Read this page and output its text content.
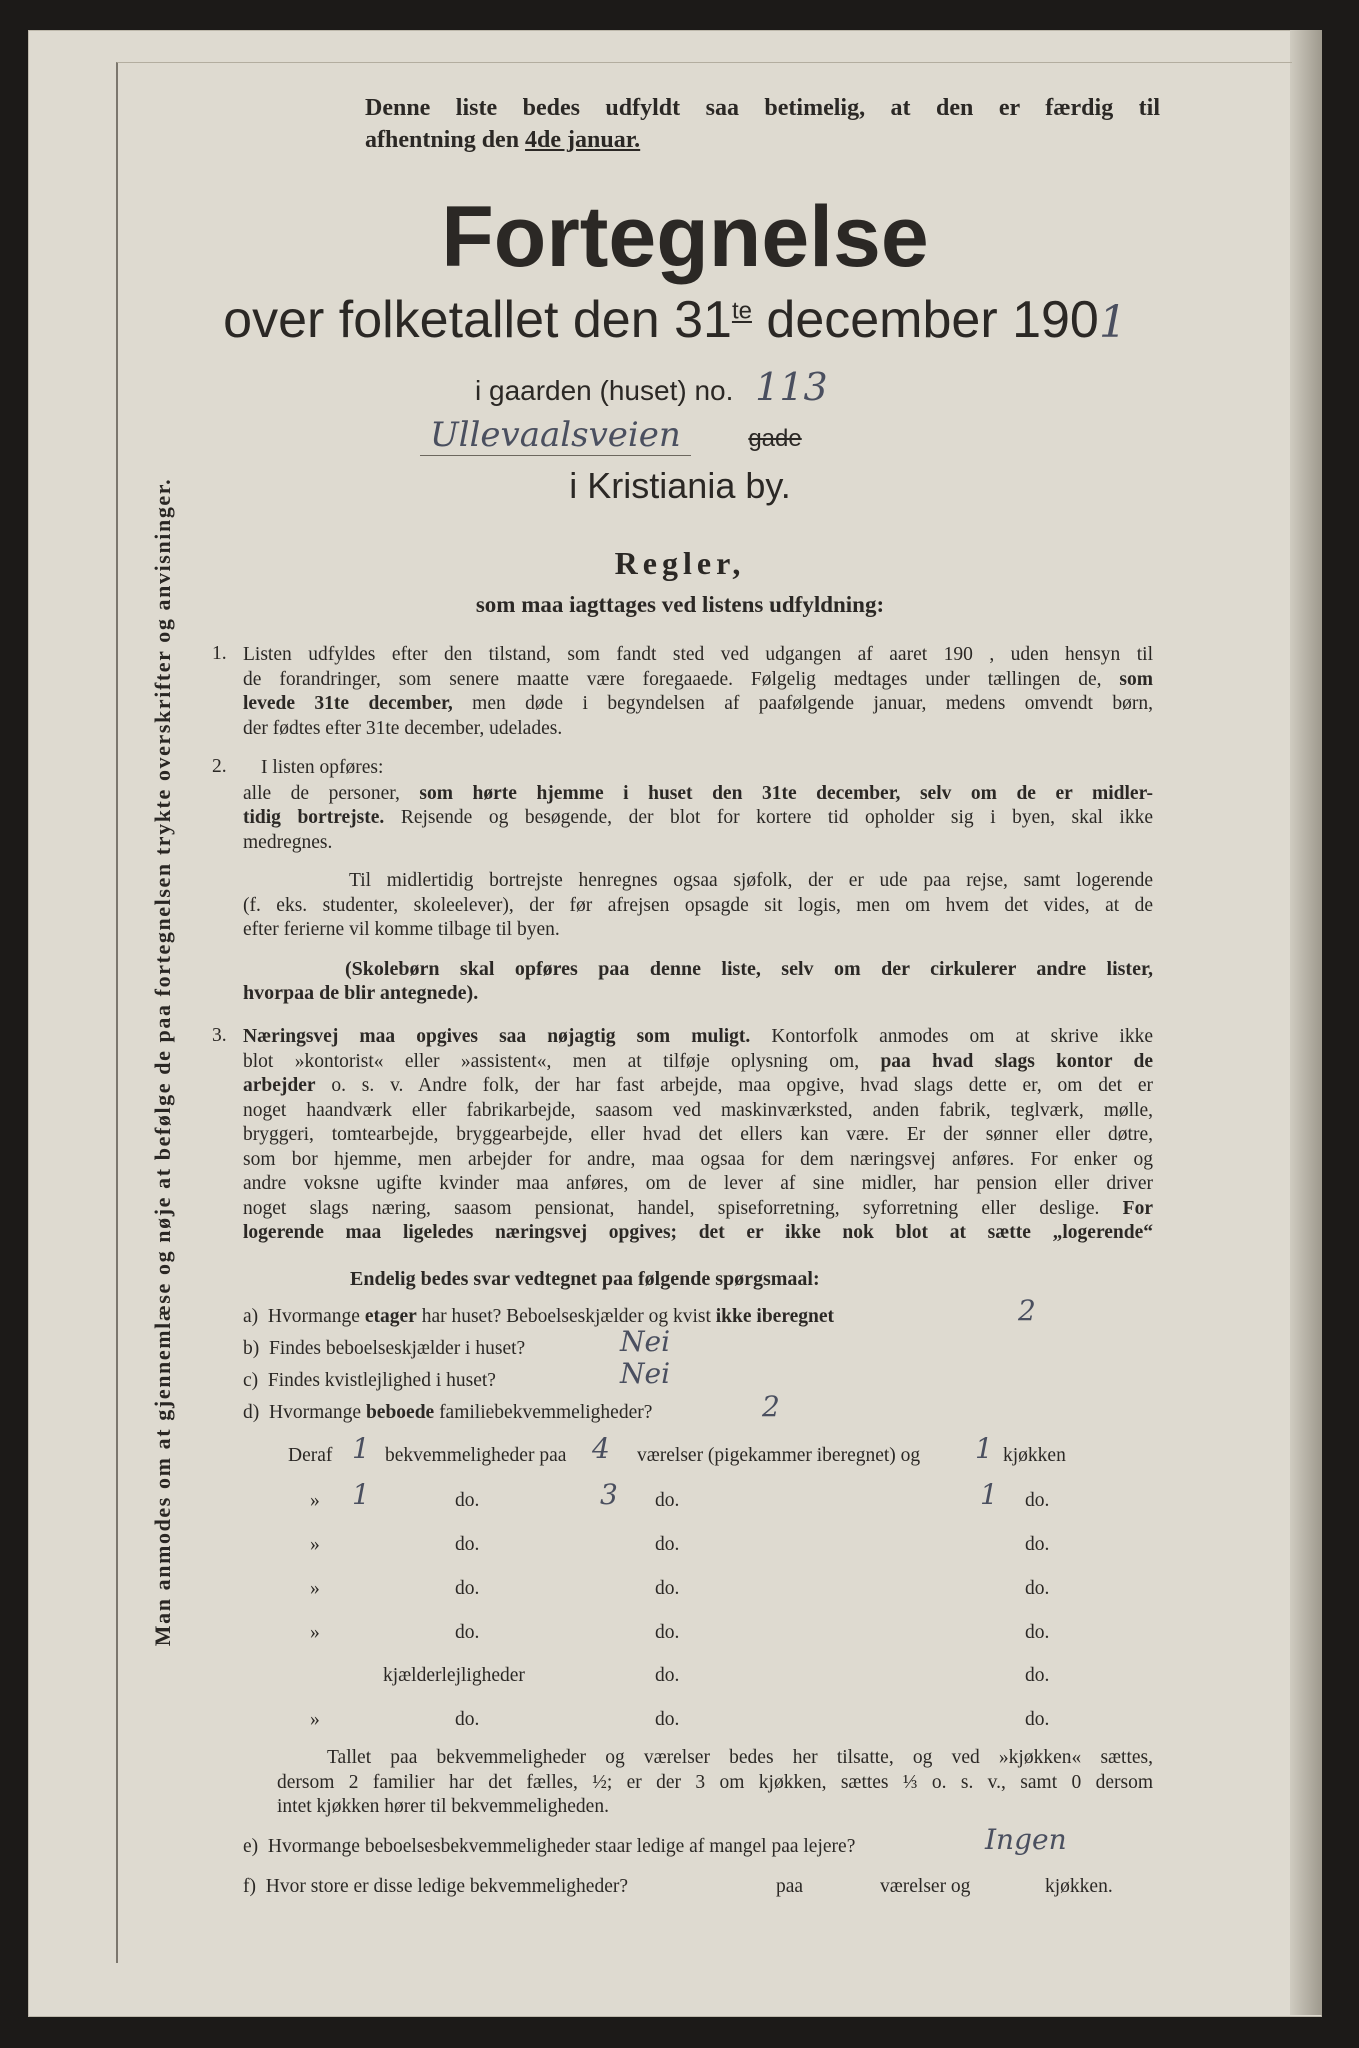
Man anmodes om at gjennemlæse og nøje at befølge de paa fortegnelsen trykte overskrifter og anvisninger.
Denne liste bedes udfyldt saa betimelig, at den er færdig til
afhentning den 4de januar.
Fortegnelse
over folketallet den $31^{te}$ december 1901
i gaarden (huset) no. 113
Ullevaalsveien	gade
i Kristiania by.
Regler,
som maa iagttages ved listens udfyldning:
1. Listen udfyldes efter den tilstand, som fandt sted ved udgangen af aaret 190 , uden hensyn til
de forandringer, som senere maatte være foregaaede. Følgelig medtages under tællingen de, som
levede 31te december, men døde i begyndelsen af paafølgende januar, medens omvendt børn,
der fødtes efter 31te december, udelades.
2. I listen opføres:
alle de personer, som hørte hjemme i huset den 31te december, selv om de er midler-
tidig bortrejste. Rejsende og besøgende, der blot for kortere tid opholder sig i byen, skal ikke
medregnes.
Til midlertidig bortrejste henregnes ogsaa sjøfolk, der er ude paa rejse, samt logerende
(f. eks. studenter, skoleelever), der før afrejsen opsagde sit logis, men om hvem det vides, at de
efter ferierne vil komme tilbage til byen.
(Skolebørn skal opføres paa denne liste, selv om der cirkulerer andre lister,
hvorpaa de blir antegnede).
3. Næringsvej maa opgives saa nøjagtig som muligt. Kontorfolk anmodes om at skrive ikke
blot »kontorist« eller »assistent«, men at tilføje oplysning om, paa hvad slags kontor de
arbejder o. s. v. Andre folk, der har fast arbejde, maa opgive, hvad slags dette er, om det er
noget haandværk eller fabrikarbejde, saasom ved maskinværksted, anden fabrik, teglværk, mølle,
bryggeri, tomtearbejde, bryggearbejde, eller hvad det ellers kan være. Er der sønner eller døtre,
som bor hjemme, men arbejder for andre, maa ogsaa for dem næringsvej anføres. For enker og
andre voksne ugifte kvinder maa anføres, om de lever af sine midler, har pension eller driver
noget slags næring, saasom pensionat, handel, spiseforretning, syforretning eller deslige. For
logerende maa ligeledes næringsvej opgives; det er ikke nok blot at sætte „logerende“
Endelig bedes svar vedtegnet paa følgende spørgsmaal:
a) Hvormange etager har huset? Beboelseskjælder og kvist ikke iberegnet	2
b) Findes beboelseskjælder i huset?	Nei
c) Findes kvistlejlighed i huset?	Nei
d) Hvormange beboede familiebekvemmeligheder?	2
Deraf 1 bekvemmeligheder paa 4 værelser (pigekammer iberegnet) og 1 kjøkken
» 1	do.	3 do.	1 do.
»	do.	do.	do.
»	do.	do.	do.
»	do.	do.	do.
kjælderlejligheder	do.	do.
»	do.	do.	do.
Tallet paa bekvemmeligheder og værelser bedes her tilsatte, og ved »kjøkken« sættes,
dersom 2 familier har det fælles, ½; er der 3 om kjøkken, sættes ⅓ o. s. v., samt 0 dersom
intet kjøkken hører til bekvemmeligheden.
e) Hvormange beboelsesbekvemmeligheder staar ledige af mangel paa lejere?	Ingen
f) Hvor store er disse ledige bekvemmeligheder?	paa	værelser og	kjøkken.
